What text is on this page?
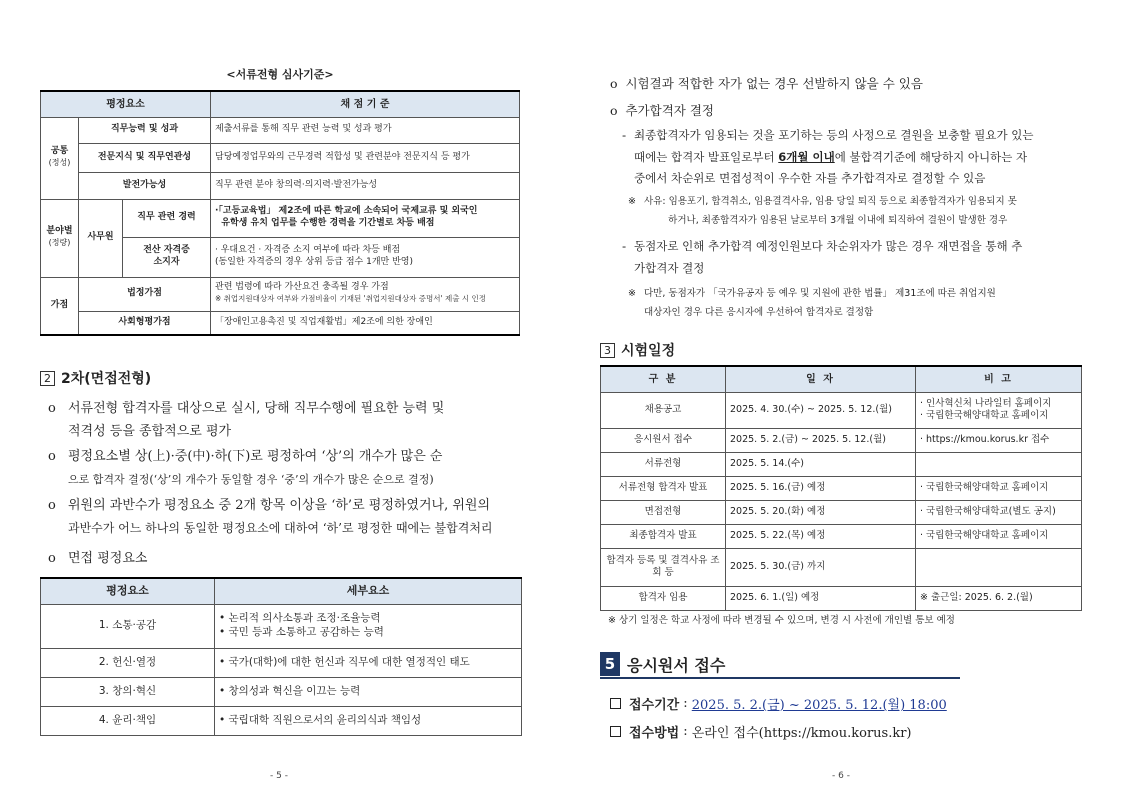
<서류전형 심사기준>
평정요소			채 점 기 준
공통
(정성)	직무능력 및 성과		제출서류를 통해 직무 관련 능력 및 성과 평가
	전문지식 및 직무연관성		담당예정업무와의 근무경력 적합성 및 관련분야 전문지식 등 평가
	발전가능성		직무 관련 분야 창의력·의지력·발전가능성
분야별
(정량)	사무원	직무 관련 경력	·「고등교육법」 제2조에 따른 학교에 소속되어 국제교류 및 외국인
유학생 유치 업무를 수행한 경력을 기간별로 차등 배점
		전산 자격증
소지자	· 우대요건 · 자격증 소지 여부에 따라 차등 배점
(동일한 자격증의 경우 상위 등급 점수 1개만 반영)
가점	법정가점		관련 법령에 따라 가산요건 충족될 경우 가점
※ 취업지원대상자 여부와 가점비율이 기재된 '취업지원대상자 증명서' 제출 시 인정
	사회형평가점		「장애인고용촉진 및 직업재활법」제2조에 의한 장애인
2 2차(면접전형)
o 서류전형 합격자를 대상으로 실시, 당해 직무수행에 필요한 능력 및
적격성 등을 종합적으로 평가
o 평정요소별 상(上)·중(中)·하(下)로 평정하여 ‘상’의 개수가 많은 순
으로 합격자 결정(‘상’의 개수가 동일할 경우 ‘중’의 개수가 많은 순으로 결정)
o 위원의 과반수가 평정요소 중 2개 항목 이상을 ‘하’로 평정하였거나, 위원의
과반수가 어느 하나의 동일한 평정요소에 대하여 ‘하’로 평정한 때에는 불합격처리
o 면접 평정요소
평정요소	세부요소
1. 소통·공감	• 논리적 의사소통과 조정·조율능력
• 국민 등과 소통하고 공감하는 능력
2. 헌신·열정	• 국가(대학)에 대한 헌신과 직무에 대한 열정적인 태도
3. 창의·혁신	• 창의성과 혁신을 이끄는 능력
4. 윤리·책임	• 국립대학 직원으로서의 윤리의식과 책임성
- 5 -
o  시험결과 적합한 자가 없는 경우 선발하지 않을 수 있음
o  추가합격자 결정
- 최종합격자가 임용되는 것을 포기하는 등의 사정으로 결원을 보충할 필요가 있는
때에는 합격자 발표일로부터 6개월 이내에 불합격기준에 해당하지 아니하는 자
중에서 차순위로 면접성적이 우수한 자를 추가합격자로 결정할 수 있음
※ 사유: 임용포기, 합격취소, 임용결격사유, 임용 당일 퇴직 등으로 최종합격자가 임용되지 못
하거나, 최종합격자가 임용된 날로부터 3개월 이내에 퇴직하여 결원이 발생한 경우
- 동점자로 인해 추가합격 예정인원보다 차순위자가 많은 경우 재면접을 통해 추
가합격자 결정
※ 다만, 동점자가 「국가유공자 등 예우 및 지원에 관한 법률」 제31조에 따른 취업지원
대상자인 경우 다른 응시자에 우선하여 합격자로 결정함
3 시험일정
구 분	일 자	비 고
채용공고	2025. 4. 30.(수) ~ 2025. 5. 12.(월)	· 인사혁신처 나라일터 홈페이지
· 국립한국해양대학교 홈페이지
응시원서 접수	2025. 5. 2.(금) ~ 2025. 5. 12.(월)	· https://kmou.korus.kr 접수
서류전형	2025. 5. 14.(수)	
서류전형 합격자 발표	2025. 5. 16.(금) 예정	· 국립한국해양대학교 홈페이지
면접전형	2025. 5. 20.(화) 예정	· 국립한국해양대학교(별도 공지)
최종합격자 발표	2025. 5. 22.(목) 예정	· 국립한국해양대학교 홈페이지
합격자 등록 및 결격사유 조회 등	2025. 5. 30.(금) 까지	
합격자 임용	2025. 6. 1.(일) 예정	※ 출근일: 2025. 6. 2.(월)
※ 상기 일정은 학교 사정에 따라 변경될 수 있으며, 변경 시 사전에 개인별 통보 예정
5 응시원서 접수
접수기간 : 2025. 5. 2.(금) ~ 2025. 5. 12.(월) 18:00
접수방법 : 온라인 접수(https://kmou.korus.kr)
- 6 -
